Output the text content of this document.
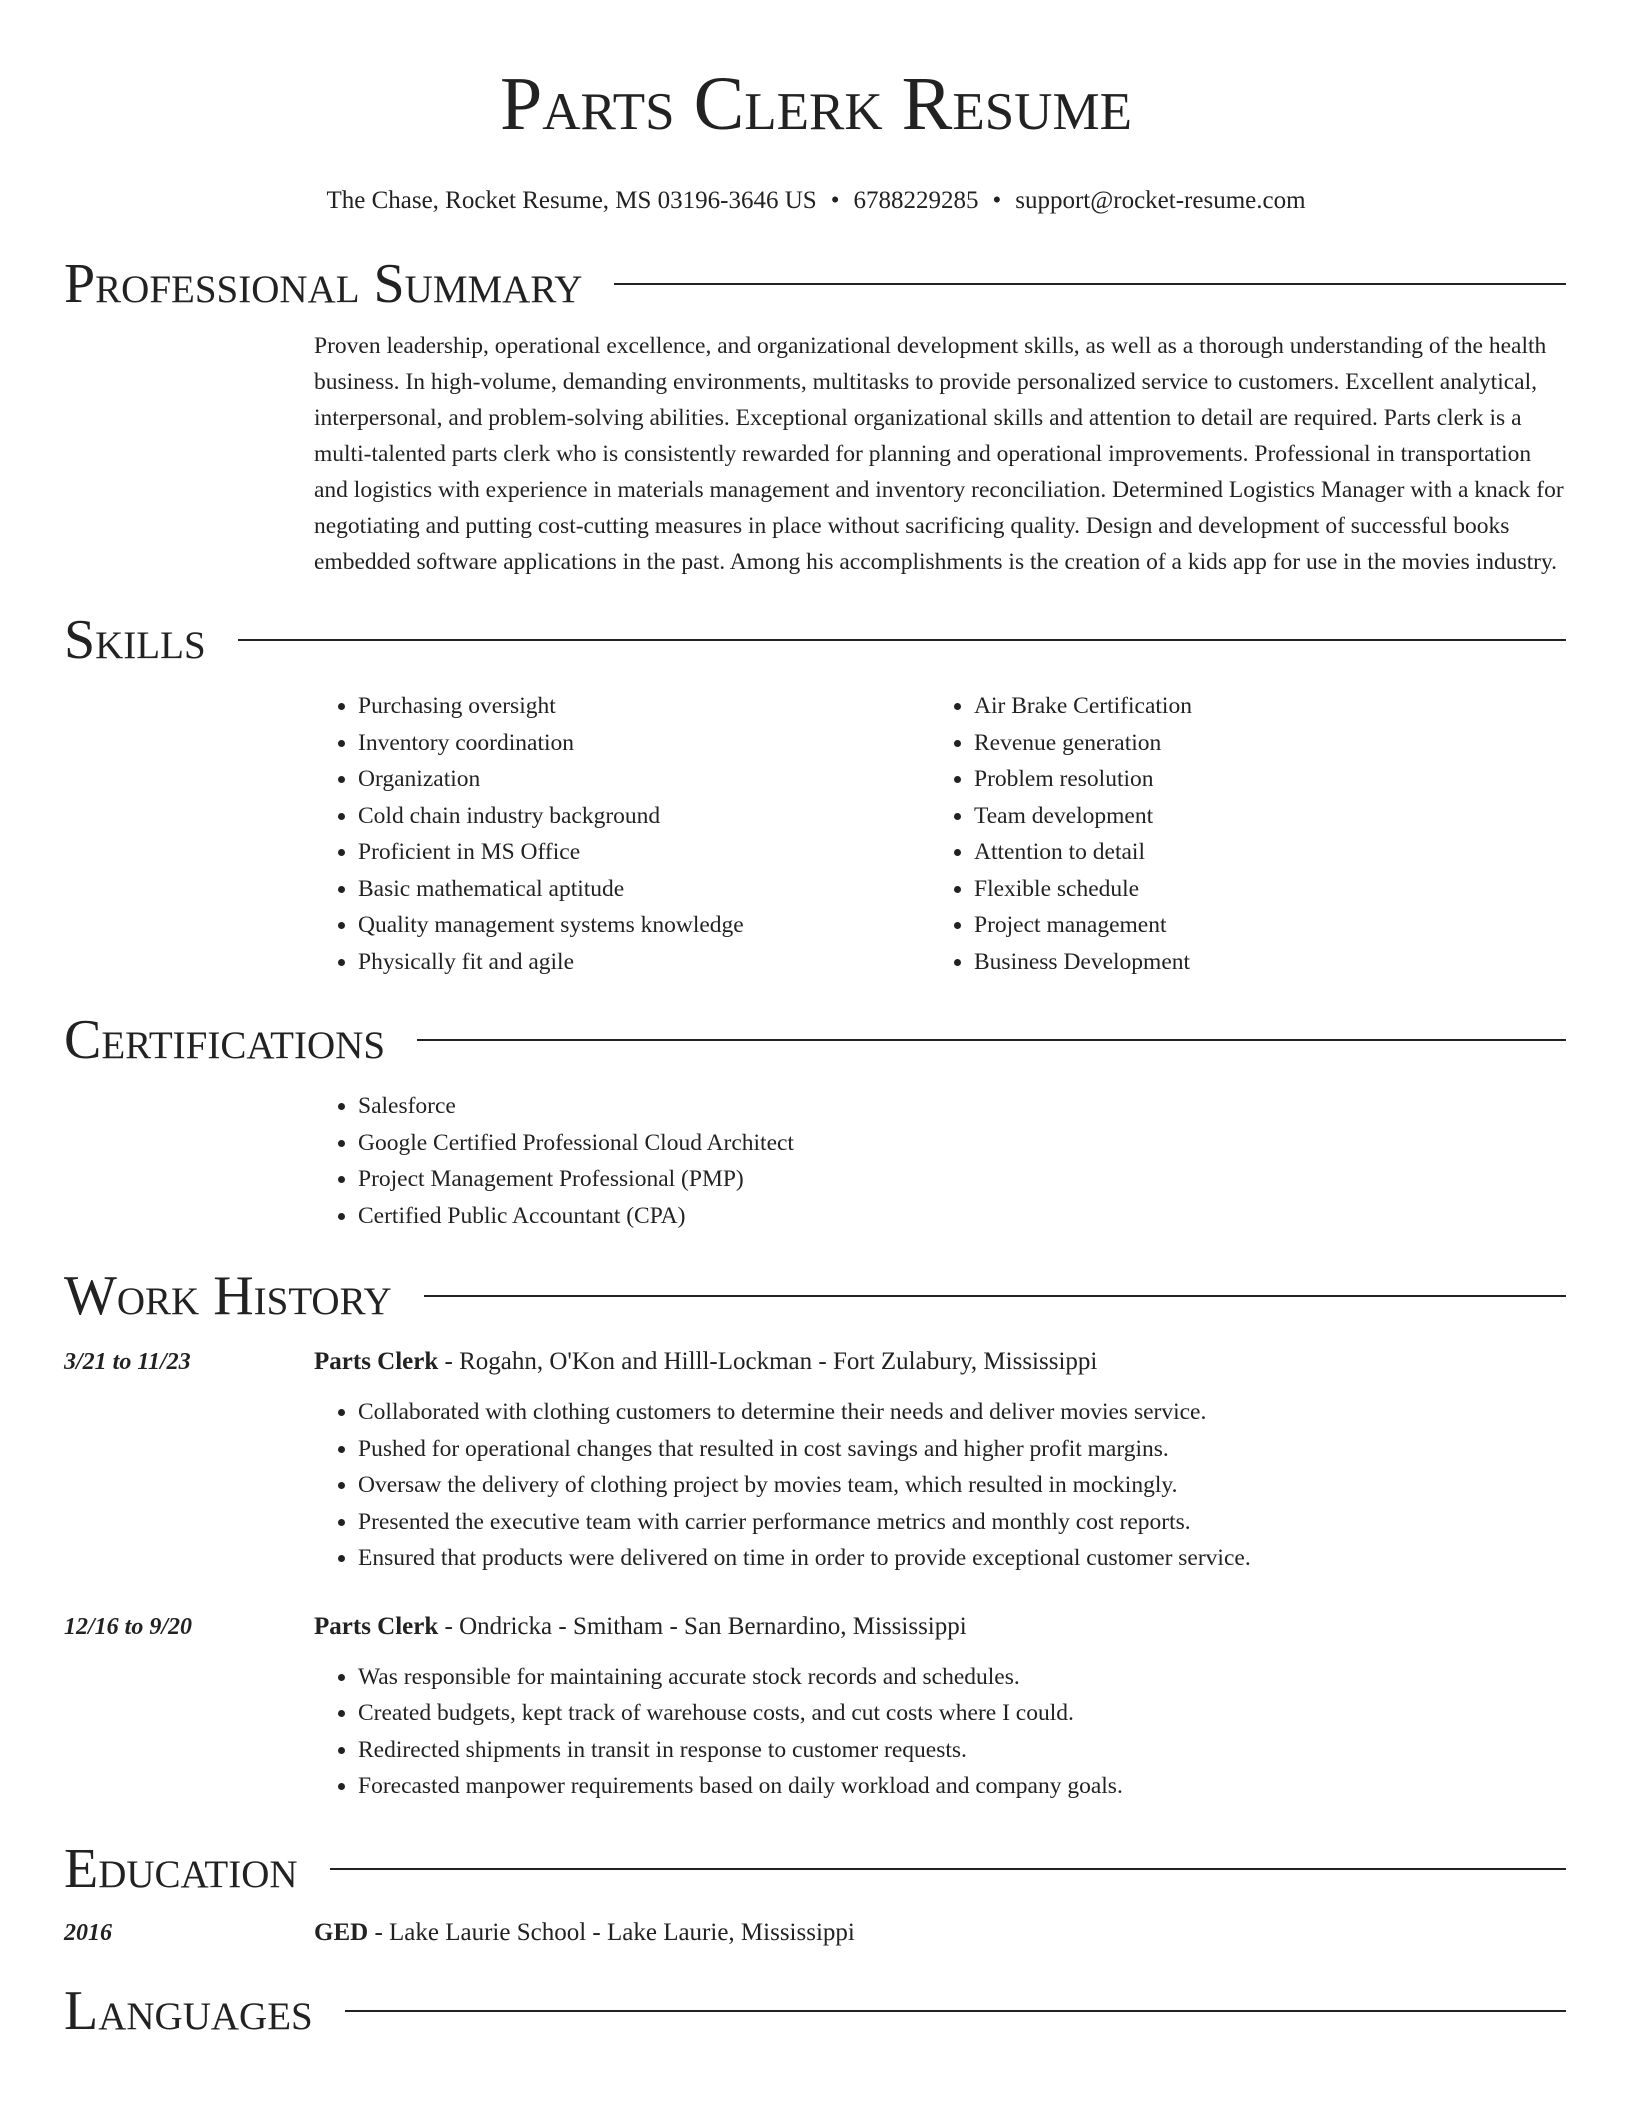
Parts Clerk Resume
The Chase, Rocket Resume, MS 03196-3646 US • 6788229285 • support@rocket-resume.com
Professional Summary

Proven leadership, operational excellence, and organizational development skills, as well as a thorough understanding of the health business. In high-volume, demanding environments, multitasks to provide personalized service to customers. Excellent analytical, interpersonal, and problem-solving abilities. Exceptional organizational skills and attention to detail are required. Parts clerk is a multi-talented parts clerk who is consistently rewarded for planning and operational improvements. Professional in transportation and logistics with experience in materials management and inventory reconciliation. Determined Logistics Manager with a knack for negotiating and putting cost-cutting measures in place without sacrificing quality. Design and development of successful books embedded software applications in the past. Among his accomplishments is the creation of a kids app for use in the movies industry.

Skills
• Purchasing oversight
• Inventory coordination
• Organization
• Cold chain industry background
• Proficient in MS Office
• Basic mathematical aptitude
• Quality management systems knowledge
• Physically fit and agile
• Air Brake Certification
• Revenue generation
• Problem resolution
• Team development
• Attention to detail
• Flexible schedule
• Project management
• Business Development
Certifications
• Salesforce
• Google Certified Professional Cloud Architect
• Project Management Professional (PMP)
• Certified Public Accountant (CPA)
Work History
3/21 to 11/23	Parts Clerk - Rogahn, O'Kon and Hilll-Lockman - Fort Zulabury, Mississippi
• Collaborated with clothing customers to determine their needs and deliver movies service.
• Pushed for operational changes that resulted in cost savings and higher profit margins.
• Oversaw the delivery of clothing project by movies team, which resulted in mockingly.
• Presented the executive team with carrier performance metrics and monthly cost reports.
• Ensured that products were delivered on time in order to provide exceptional customer service.
12/16 to 9/20	Parts Clerk - Ondricka - Smitham - San Bernardino, Mississippi
• Was responsible for maintaining accurate stock records and schedules.
• Created budgets, kept track of warehouse costs, and cut costs where I could.
• Redirected shipments in transit in response to customer requests.
• Forecasted manpower requirements based on daily workload and company goals.
Education
2016	GED - Lake Laurie School - Lake Laurie, Mississippi
Languages
